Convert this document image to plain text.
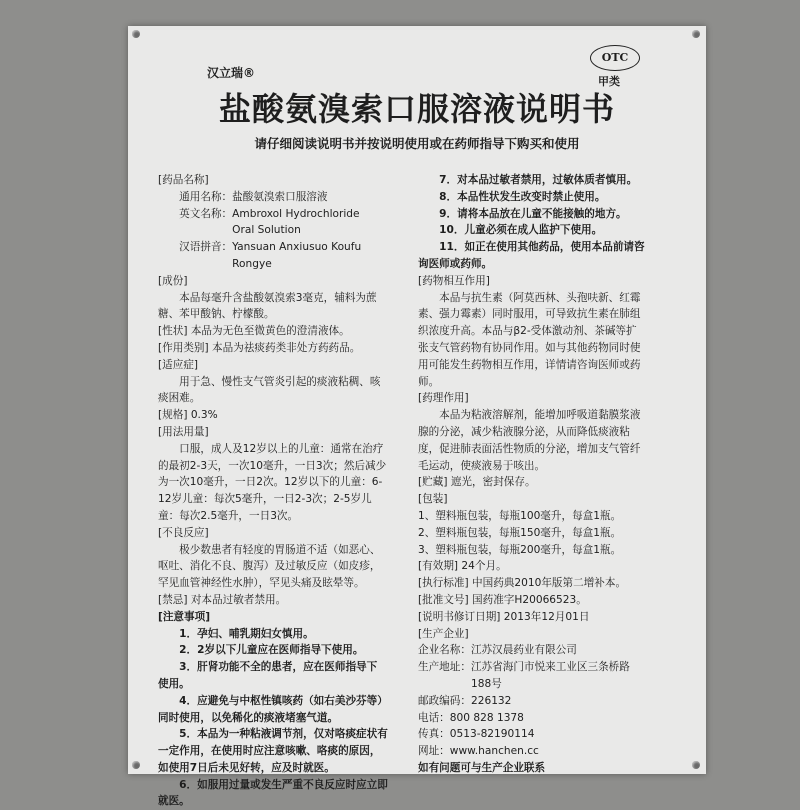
汉立瑞®
OTC
甲类
盐酸氨溴索口服溶液说明书
请仔细阅读说明书并按说明使用或在药师指导下购买和使用
[药品名称]
　　通用名称：盐酸氨溴索口服溶液
　　英文名称：Ambroxol Hydrochloride
　　　　　　　Oral Solution
　　汉语拼音：Yansuan Anxiusuo Koufu
　　　　　　　Rongye
[成份]
　　本品每毫升含盐酸氨溴索3毫克，辅料为蔗
糖、苯甲酸钠、柠檬酸。
[性状] 本品为无色至微黄色的澄清液体。
[作用类别] 本品为祛痰药类非处方药药品。
[适应症]
　　用于急、慢性支气管炎引起的痰液粘稠、咳
痰困难。
[规格] 0.3%
[用法用量]
　　口服，成人及12岁以上的儿童：通常在治疗
的最初2-3天，一次10毫升，一日3次；然后减少
为一次10毫升，一日2次。12岁以下的儿童：6-
12岁儿童：每次5毫升，一日2-3次；2-5岁儿
童：每次2.5毫升，一日3次。
[不良反应]
　　极少数患者有轻度的胃肠道不适（如恶心、
呕吐、消化不良、腹泻）及过敏反应（如皮疹，
罕见血管神经性水肿），罕见头痛及眩晕等。
[禁忌] 对本品过敏者禁用。
[注意事项]
　　1．孕妇、哺乳期妇女慎用。
　　2．2岁以下儿童应在医师指导下使用。
　　3．肝肾功能不全的患者，应在医师指导下
使用。
　　4．应避免与中枢性镇咳药（如右美沙芬等）
同时使用，以免稀化的痰液堵塞气道。
　　5．本品为一种粘液调节剂，仅对咯痰症状有
一定作用，在使用时应注意咳嗽、咯痰的原因，
如使用7日后未见好转，应及时就医。
　　6．如服用过量或发生严重不良反应时应立即
就医。
　　7．对本品过敏者禁用，过敏体质者慎用。
　　8．本品性状发生改变时禁止使用。
　　9．请将本品放在儿童不能接触的地方。
　　10．儿童必须在成人监护下使用。
　　11．如正在使用其他药品，使用本品前请咨
询医师或药师。
[药物相互作用]
　　本品与抗生素（阿莫西林、头孢呋新、红霉
素、强力霉素）同时服用，可导致抗生素在肺组
织浓度升高。本品与β2-受体激动剂、茶碱等扩
张支气管药物有协同作用。如与其他药物同时使
用可能发生药物相互作用，详情请咨询医师或药
师。
[药理作用]
　　本品为粘液溶解剂，能增加呼吸道黏膜浆液
腺的分泌，减少粘液腺分泌，从而降低痰液粘
度，促进肺表面活性物质的分泌，增加支气管纤
毛运动，使痰液易于咳出。
[贮藏] 遮光，密封保存。
[包装]
1、塑料瓶包装，每瓶100毫升，每盒1瓶。
2、塑料瓶包装，每瓶150毫升，每盒1瓶。
3、塑料瓶包装，每瓶200毫升，每盒1瓶。
[有效期] 24个月。
[执行标准] 中国药典2010年版第二增补本。
[批准文号] 国药准字H20066523。
[说明书修订日期] 2013年12月01日
[生产企业]
企业名称：江苏汉晨药业有限公司
生产地址：江苏省海门市悦来工业区三条桥路
　　　　　188号
邮政编码：226132
电话：800 828 1378
传真：0513-82190114
网址：www.hanchen.cc
如有问题可与生产企业联系
